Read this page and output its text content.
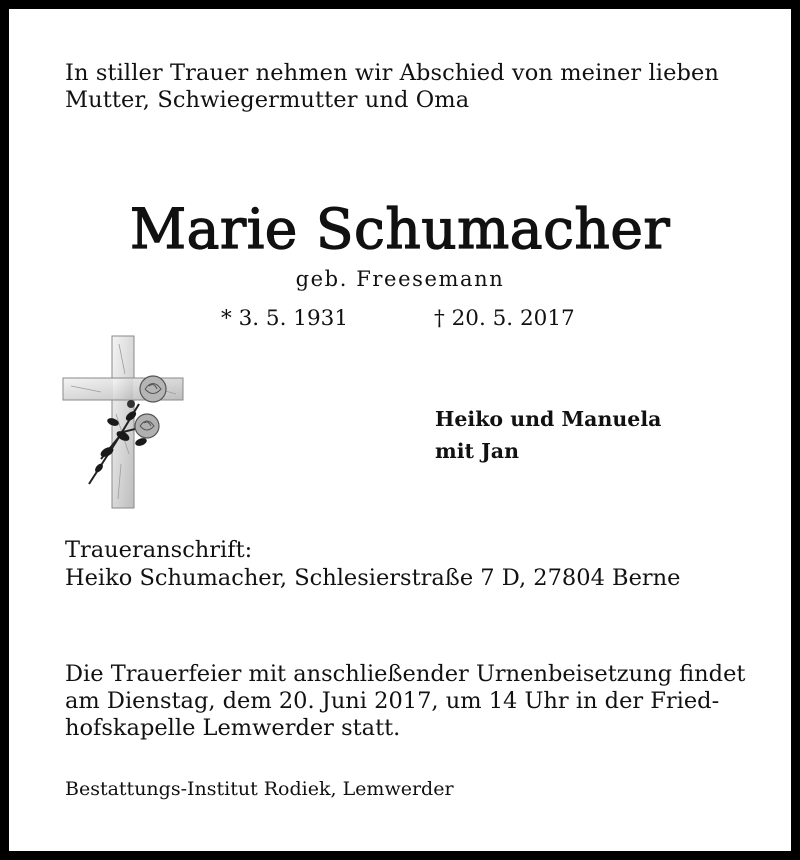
In stiller Trauer nehmen wir Abschied von meiner lieben
Mutter, Schwiegermutter und Oma
Marie Schumacher
geb. Freesemann
* 3. 5. 1931	† 20. 5. 2017
Heiko und Manuela
mit Jan
Traueranschrift:
Heiko Schumacher, Schlesierstraße 7 D, 27804 Berne
Die Trauerfeier mit anschließender Urnenbeisetzung findet
am Dienstag, dem 20. Juni 2017, um 14 Uhr in der Fried-
hofskapelle Lemwerder statt.
Bestattungs-Institut Rodiek, Lemwerder
